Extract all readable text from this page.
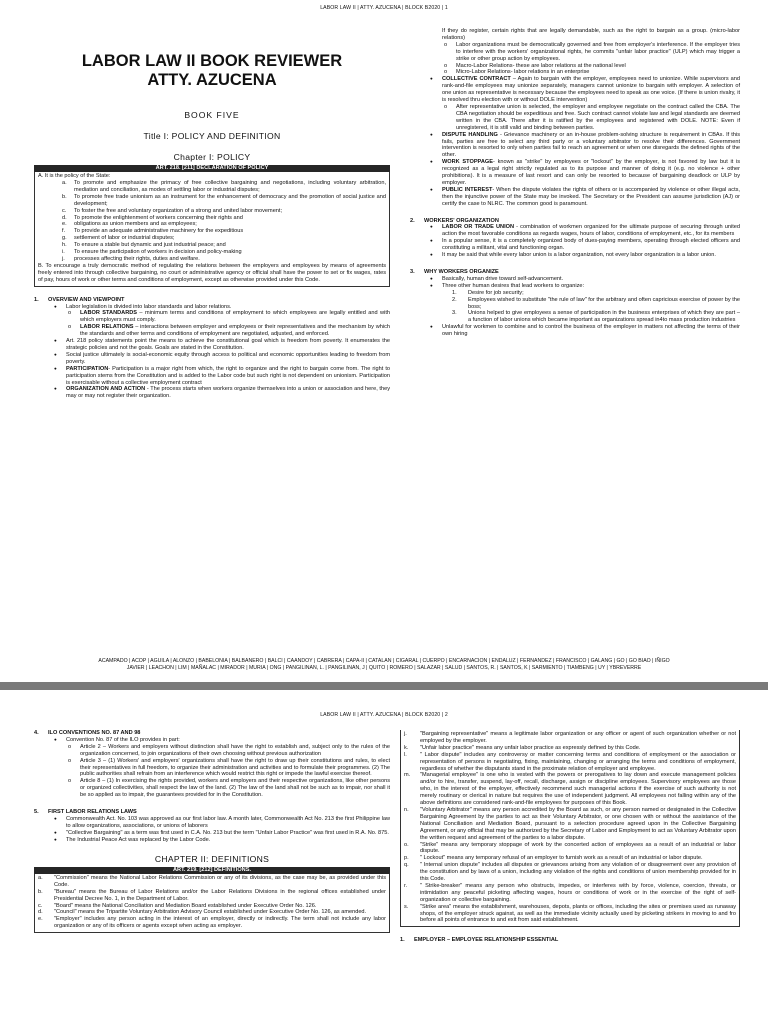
LABOR LAW II | ATTY. AZUCENA | BLOCK B2020 | 1
LABOR LAW II BOOK REVIEWER
ATTY. AZUCENA
BOOK FIVE
Title I: POLICY AND DEFINITION
Chapter I: POLICY
ART. 218. [211] DECLARATION OF POLICY

A. It is the policy of the State:

a. To promote and emphasize the primacy of free collective bargaining and negotiations, including voluntary arbitration, mediation and conciliation, as modes of settling labor or industrial disputes;
b. To promote free trade unionism as an instrument for the enhancement of democracy and the promotion of social justice and development;
c. To foster the free and voluntary organization of a strong and united labor movement;
d. To promote the enlightenment of workers concerning their rights and
e. obligations as union members and as employees;
f. To provide an adequate administrative machinery for the expeditious
g. settlement of labor or industrial disputes;
h. To ensure a stable but dynamic and just industrial peace; and
i. To ensure the participation of workers in decision and policy-making
j. processes affecting their rights, duties and welfare.

B. To encourage a truly democratic method of regulating the relations between the employers and employees by means of agreements freely entered into through collective bargaining, no court or administrative agency or official shall have the power to set or fix wages, rates of pay, hours of work or other terms and conditions of employment, except as otherwise provided under this Code.

1. OVERVIEW AND VIEWPOINT
● Labor legislation is divided into labor standards and labor relations.
o LABOR STANDARDS – minimum terms and conditions of employment to which employees are legally entitled and with which employers must comply.
o LABOR RELATIONS – interactions between employer and employees or their representatives and the mechanism by which the standards and other terms and conditions of employment are negotiated, adjusted, and enforced.
● Art. 218 policy statements point the means to achieve the constitutional goal which is freedom from poverty. It enumerates the strategic policies and not the goals. Goals are stated in the Constitution.
● Social justice ultimately is social-economic equity through access to political and economic opportunities leading to freedom from poverty.
● PARTICIPATION- Participation is a major right from which, the right to organize and the right to bargain come from. The right to participation stems from the Constitution and is added to the Labor code but such right is not dependent on unionism. Participation is exercisable without a collective employment contract
● ORGANIZATION AND ACTION - The process starts when workers organize themselves into a union or association and here, they may or may not register their organization.
If they do register, certain rights that are legally demandable, such as the right to bargain as a group. (micro-labor relations)
o Labor organizations must be democratically governed and free from employer's interference. If the employer tries to interfere with the workers' organizational rights, he commits "unfair labor practice" (ULP) which may trigger a strike or other group action by employees.
o Macro-Labor Relations- these are labor relations at the national level
o Micro-Labor Relations- labor relations in an enterprise
● COLLECTIVE CONTRACT – Again to bargain with the employer, employees need to unionize. While supervisors and rank-and-file employees may unionize separately, managers cannot unionize to bargain with employer. A selection of one union as representative is necessary because the employees need to speak as one voice. (If there is union rivalry, it is resolved thru election with or without DOLE intervention)
o After representative union is selected, the employer and employee negotiate on the contract called the CBA. The CBA negotiation should be expeditious and free. Such contract cannot violate law and legal standards are deemed written in the CBA. There after it is ratified by the employees and registered with DOLE. NOTE: Even if unregistered, it is still valid and binding between parties.
● DISPUTE HANDLING - Grievance machinery or an in-house problem-solving structure is requirement in CBAs. If this fails, parties are free to select any third party or a voluntary arbitrator to resolve their differences. Government intervention is resorted to only when parties fail to reach an agreement or when one disregards the defined rights of the other.
● WORK STOPPAGE- known as "strike" by employees or "lockout" by the employer, is not favored by law but it is recognized as a legal right strictly regulated as to its purpose and manner of doing it (e.g. no violence + other prohibitions). It is a measure of last resort and can only be resorted to because of bargaining deadlock or ULP by employer.
● PUBLIC INTEREST- When the dispute violates the rights of others or is accompanied by violence or other illegal acts, then the injunctive power of the State may be invoked. The Secretary or the President can assume jurisdiction (AJ) or certify the case to NLRC. The common good is paramount.
2. WORKERS' ORGANIZATION
● LABOR OR TRADE UNION - combination of workmen organized for the ultimate purpose of securing through united action the most favorable conditions as regards wages, hours of labor, conditions of employment, etc., for its members
● In a popular sense, it is a completely organized body of dues-paying members, operating through elected officers and constituting a militant, vital and functioning organ.
● It may be said that while every labor union is a labor organization, not every labor organization is a labor union.
3. WHY WORKERS ORGANIZE
● Basically, human drive toward self-advancement.
● Three other human desires that lead workers to organize:
1. Desire for job security;
2. Employees wished to substitute "the rule of law" for the arbitrary and often capricious exercise of power by the boss;
3. Unions helped to give employees a sense of participation in the business enterprises of which they are part – a function of labor unions which became important as organizations spread in4to mass production industries
● Unlawful for workmen to combine and to control the business of the employer in matters not affecting the terms of their own hiring
ACAMPADO | ACOP | AGUILA | ALONZO | BABELONIA | BALBANERO | BALCI | CAANDOY | CABRERA | CAPA-II | CATALAN | CIGARAL | CUERPO | ENCARNACION | ENDALUZ | FERNANDEZ | FRANCISCO | GALANG | GO | GO BIAO | IÑIGO
JAVIER | LEACHON | LIM | MAÑALAC | MIRADOR | MURIA | ONG | PANGILINAN, L. | PANGILINAN, J | QUITO | ROMERO | SALAZAR | SALUD | SANTOS, R. | SANTOS, K | SARMIENTO | TIAMBENG | UY | YBREVERRE
LABOR LAW II | ATTY. AZUCENA | BLOCK B2020 | 2
4. ILO CONVENTIONS NO. 87 AND 98
● Convention No. 87 of the ILO provides in part:
o Article 2 – Workers and employers without distinction shall have the right to establish and, subject only to the rules of the organization concerned, to join organizations of their own choosing without previous authorization
o Article 3 – (1) Workers' and employers' organizations shall have the right to draw up their constitutions and rules, to elect their representatives in full freedom, to organize their administration and activities and to formulate their programmes. (2) The public authorities shall refrain from an interference which would restrict this right or impede the lawful exercise thereof.
o Article 8 – (1) In exercising the rights provided, workers and employers and their respective organizations, like other persons or organized collectivities, shall respect the law of the land. (2) The law of the land shall not be such as to impair, nor shall it be so applied as to impair, the guarantees provided for in the Constitution.
5. FIRST LABOR RELATIONS LAWS
● Commonwealth Act. No. 103 was approved as our first labor law. A month later, Commonwealth Act No. 213 the first Philippine law to allow organizations, associations, or unions of laborers
● "Collective Bargaining" as a term was first used in C.A. No. 213 but the term "Unfair Labor Practice" was first used in R.A. No. 875.
● The Industrial Peace Act was replaced by the Labor Code.
CHAPTER II: DEFINITIONS
ART. 219. [212] DEFINITIONS.
a. "Commission" means the National Labor Relations Commission or any of its divisions, as the case may be, as provided under this Code.
b. "Bureau" means the Bureau of Labor Relations and/or the Labor Relations Divisions in the regional offices established under Presidential Decree No. 1, in the Department of Labor.
c. "Board" means the National Conciliation and Mediation Board established under Executive Order No. 126.
d. "Council" means the Tripartite Voluntary Arbitration Advisory Council established under Executive Order No. 126, as amended.
e. "Employer" includes any person acting in the interest of an employer, directly or indirectly. The term shall not include any labor organization or any of its officers or agents except when acting as employer.
j. "Bargaining representative" means a legitimate labor organization or any officer or agent of such organization whether or not employed by the employer.
k. "Unfair labor practice" means any unfair labor practice as expressly defined by this Code.
l. " Labor dispute" includes any controversy or matter concerning terms and conditions of employment or the association or representation of persons in negotiating, fixing, maintaining, changing or arranging the terms and conditions of employment, regardless of whether the disputants stand in the proximate relation of employer and employee.
m. "Managerial employee" is one who is vested with the powers or prerogatives to lay down and execute management policies and/or to hire, transfer, suspend, lay-off, recall, discharge, assign or discipline employees. Supervisory employees are those who, in the interest of the employer, effectively recommend such managerial actions if the exercise of such authority is not merely routinary or clerical in nature but requires the use of independent judgment. All employees not falling within any of the above definitions are considered rank-and-file employees for purposes of this Book.
n. "Voluntary Arbitrator" means any person accredited by the Board as such, or any person named or designated in the Collective Bargaining Agreement by the parties to act as their Voluntary Arbitrator, or one chosen with or without the assistance of the National Conciliation and Mediation Board, pursuant to a selection procedure agreed upon in the Collective Bargaining Agreement, or any official that may be authorized by the Secretary of Labor and Employment to act as Voluntary Arbitrator upon the written request and agreement of the parties to a labor dispute.
o. "Strike" means any temporary stoppage of work by the concerted action of employees as a result of an industrial or labor dispute.
p. " Lockout" means any temporary refusal of an employer to furnish work as a result of an industrial or labor dispute.
q. " Internal union dispute" includes all disputes or grievances arising from any violation of or disagreement over any provision of the constitution and by laws of a union, including any violation of the rights and conditions of union membership provided for in this Code.
r. " Strike-breaker" means any person who obstructs, impedes, or interferes with by force, violence, coercion, threats, or intimidation any peaceful picketing affecting wages, hours or conditions of work or in the exercise of the right of self-organization or collective bargaining.
s. "Strike area" means the establishment, warehouses, depots, plants or offices, including the sites or premises used as runaway shops, of the employer struck against, as well as the immediate vicinity actually used by picketing strikers in moving to and fro before all points of entrance to and exit from said establishment.
1. EMPLOYER – EMPLOYEE RELATIONSHIP ESSENTIAL
